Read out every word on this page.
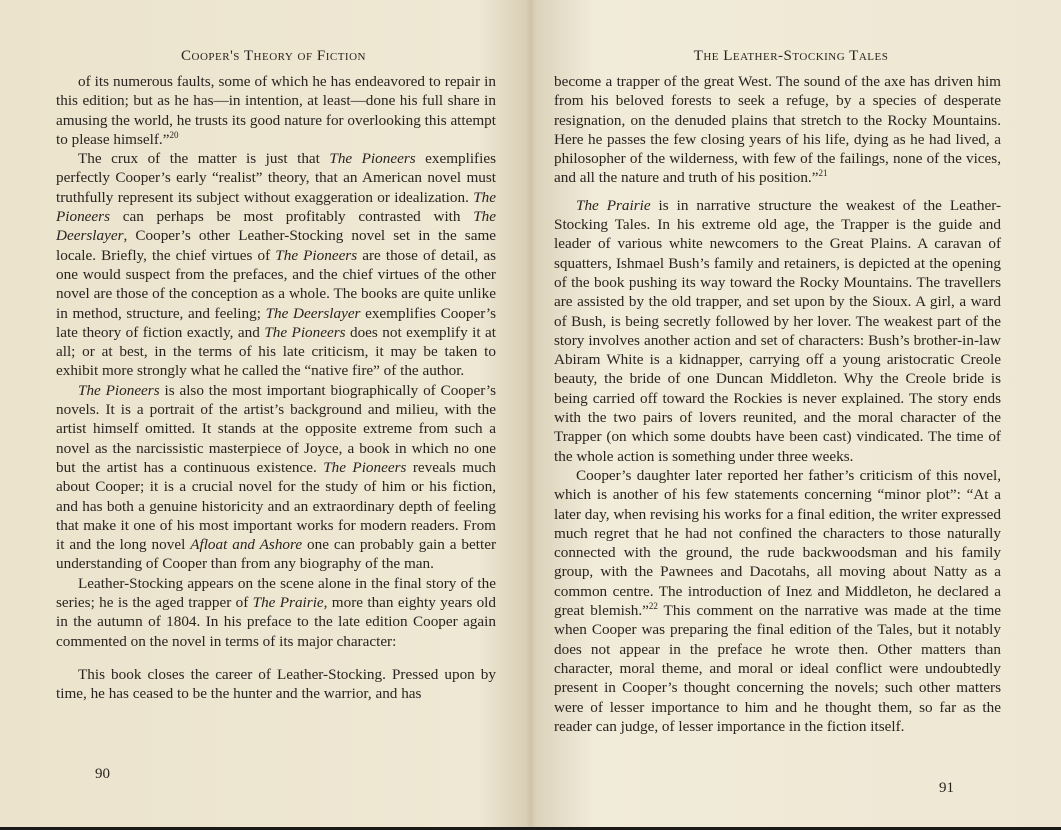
Cooper's Theory of Fiction

of its numerous faults, some of which he has endeavored to repair in this edition; but as he has—in intention, at least—done his full share in amusing the world, he trusts its good nature for overlooking this attempt to please himself.”$^{20}$

The crux of the matter is just that The Pioneers exemplifies perfectly Cooper’s early “realist” theory, that an American novel must truthfully represent its subject without exaggeration or idealization. The Pioneers can perhaps be most profitably contrasted with The Deerslayer, Cooper’s other Leather-Stocking novel set in the same locale. Briefly, the chief virtues of The Pioneers are those of detail, as one would suspect from the prefaces, and the chief virtues of the other novel are those of the conception as a whole. The books are quite unlike in method, structure, and feeling; The Deerslayer exemplifies Cooper’s late theory of fiction exactly, and The Pioneers does not exemplify it at all; or at best, in the terms of his late criticism, it may be taken to exhibit more strongly what he called the “native fire” of the author.

The Pioneers is also the most important biographically of Cooper’s novels. It is a portrait of the artist’s background and milieu, with the artist himself omitted. It stands at the opposite extreme from such a novel as the narcissistic masterpiece of Joyce, a book in which no one but the artist has a continuous existence. The Pioneers reveals much about Cooper; it is a crucial novel for the study of him or his fiction, and has both a genuine historicity and an extraordinary depth of feeling that make it one of his most important works for modern readers. From it and the long novel Afloat and Ashore one can probably gain a better understanding of Cooper than from any biography of the man.

Leather-Stocking appears on the scene alone in the final story of the series; he is the aged trapper of The Prairie, more than eighty years old in the autumn of 1804. In his preface to the late edition Cooper again commented on the novel in terms of its major character:

This book closes the career of Leather-Stocking. Pressed upon by time, he has ceased to be the hunter and the warrior, and has

90
The Leather-Stocking Tales

become a trapper of the great West. The sound of the axe has driven him from his beloved forests to seek a refuge, by a species of desperate resignation, on the denuded plains that stretch to the Rocky Mountains. Here he passes the few closing years of his life, dying as he had lived, a philosopher of the wilderness, with few of the failings, none of the vices, and all the nature and truth of his position.”$^{21}$

The Prairie is in narrative structure the weakest of the Leather-Stocking Tales. In his extreme old age, the Trapper is the guide and leader of various white newcomers to the Great Plains. A caravan of squatters, Ishmael Bush’s family and retainers, is depicted at the opening of the book pushing its way toward the Rocky Mountains. The travellers are assisted by the old trapper, and set upon by the Sioux. A girl, a ward of Bush, is being secretly followed by her lover. The weakest part of the story involves another action and set of characters: Bush’s brother-in-law Abiram White is a kidnapper, carrying off a young aristocratic Creole beauty, the bride of one Duncan Middleton. Why the Creole bride is being carried off toward the Rockies is never explained. The story ends with the two pairs of lovers reunited, and the moral character of the Trapper (on which some doubts have been cast) vindicated. The time of the whole action is something under three weeks.

Cooper’s daughter later reported her father’s criticism of this novel, which is another of his few statements concerning “minor plot”: “At a later day, when revising his works for a final edition, the writer expressed much regret that he had not confined the characters to those naturally connected with the ground, the rude backwoodsman and his family group, with the Pawnees and Dacotahs, all moving about Natty as a common centre. The introduction of Inez and Middleton, he declared a great blemish.”$^{22}$ This comment on the narrative was made at the time when Cooper was preparing the final edition of the Tales, but it notably does not appear in the preface he wrote then. Other matters than character, moral theme, and moral or ideal conflict were undoubtedly present in Cooper’s thought concerning the novels; such other matters were of lesser importance to him and he thought them, so far as the reader can judge, of lesser importance in the fiction itself.

91
